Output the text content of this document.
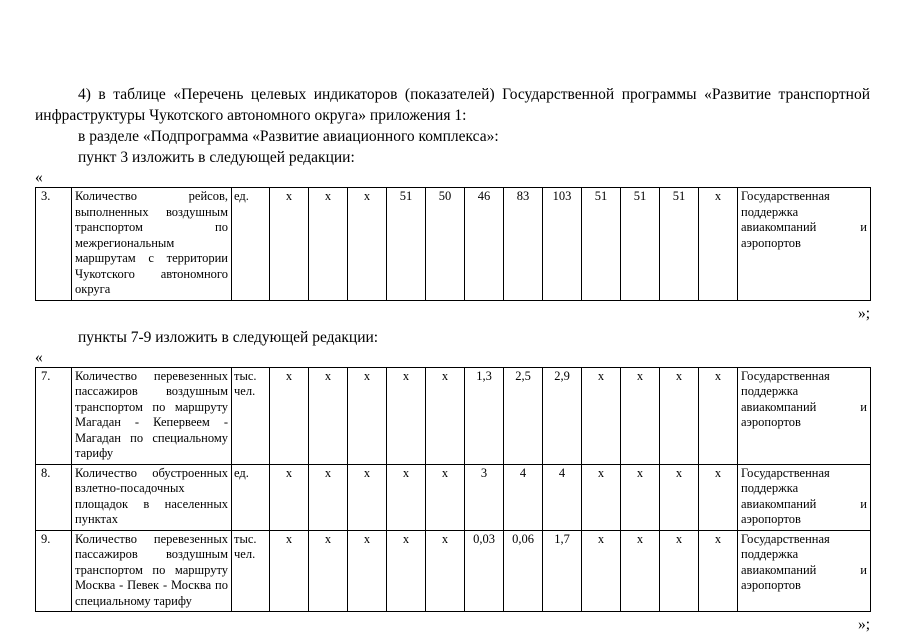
4) в таблице «Перечень целевых индикаторов (показателей) Государственной программы «Развитие транспортной инфраструктуры Чукотского автономного округа» приложения 1:

в разделе «Подпрограмма «Развитие авиационного комплекса»:

пункт 3 изложить в следующей редакции:

«
3.	Количество рейсов, выполненных воздушным транспортом по межрегиональным маршрутам с территории Чукотского автономного округа	ед.	х	х	х	51	50	46	83	103	51	51	51	х	Государственная поддержка авиакомпаний и аэропортов
»;

пункты 7-9 изложить в следующей редакции:

«
7.	Количество перевезенных пассажиров воздушным транспортом по маршруту Магадан - Кепервеем - Магадан по специальному тарифу	тыс. чел.	х	х	х	х	х	1,3	2,5	2,9	х	х	х	х	Государственная поддержка авиакомпаний и аэропортов
8.	Количество обустроенных взлетно-посадочных площадок в населенных пунктах	ед.	х	х	х	х	х	3	4	4	х	х	х	х	Государственная поддержка авиакомпаний и аэропортов
9.	Количество перевезенных пассажиров воздушным транспортом по маршруту Москва - Певек - Москва по специальному тарифу	тыс. чел.	х	х	х	х	х	0,03	0,06	1,7	х	х	х	х	Государственная поддержка авиакомпаний и аэропортов
»;
